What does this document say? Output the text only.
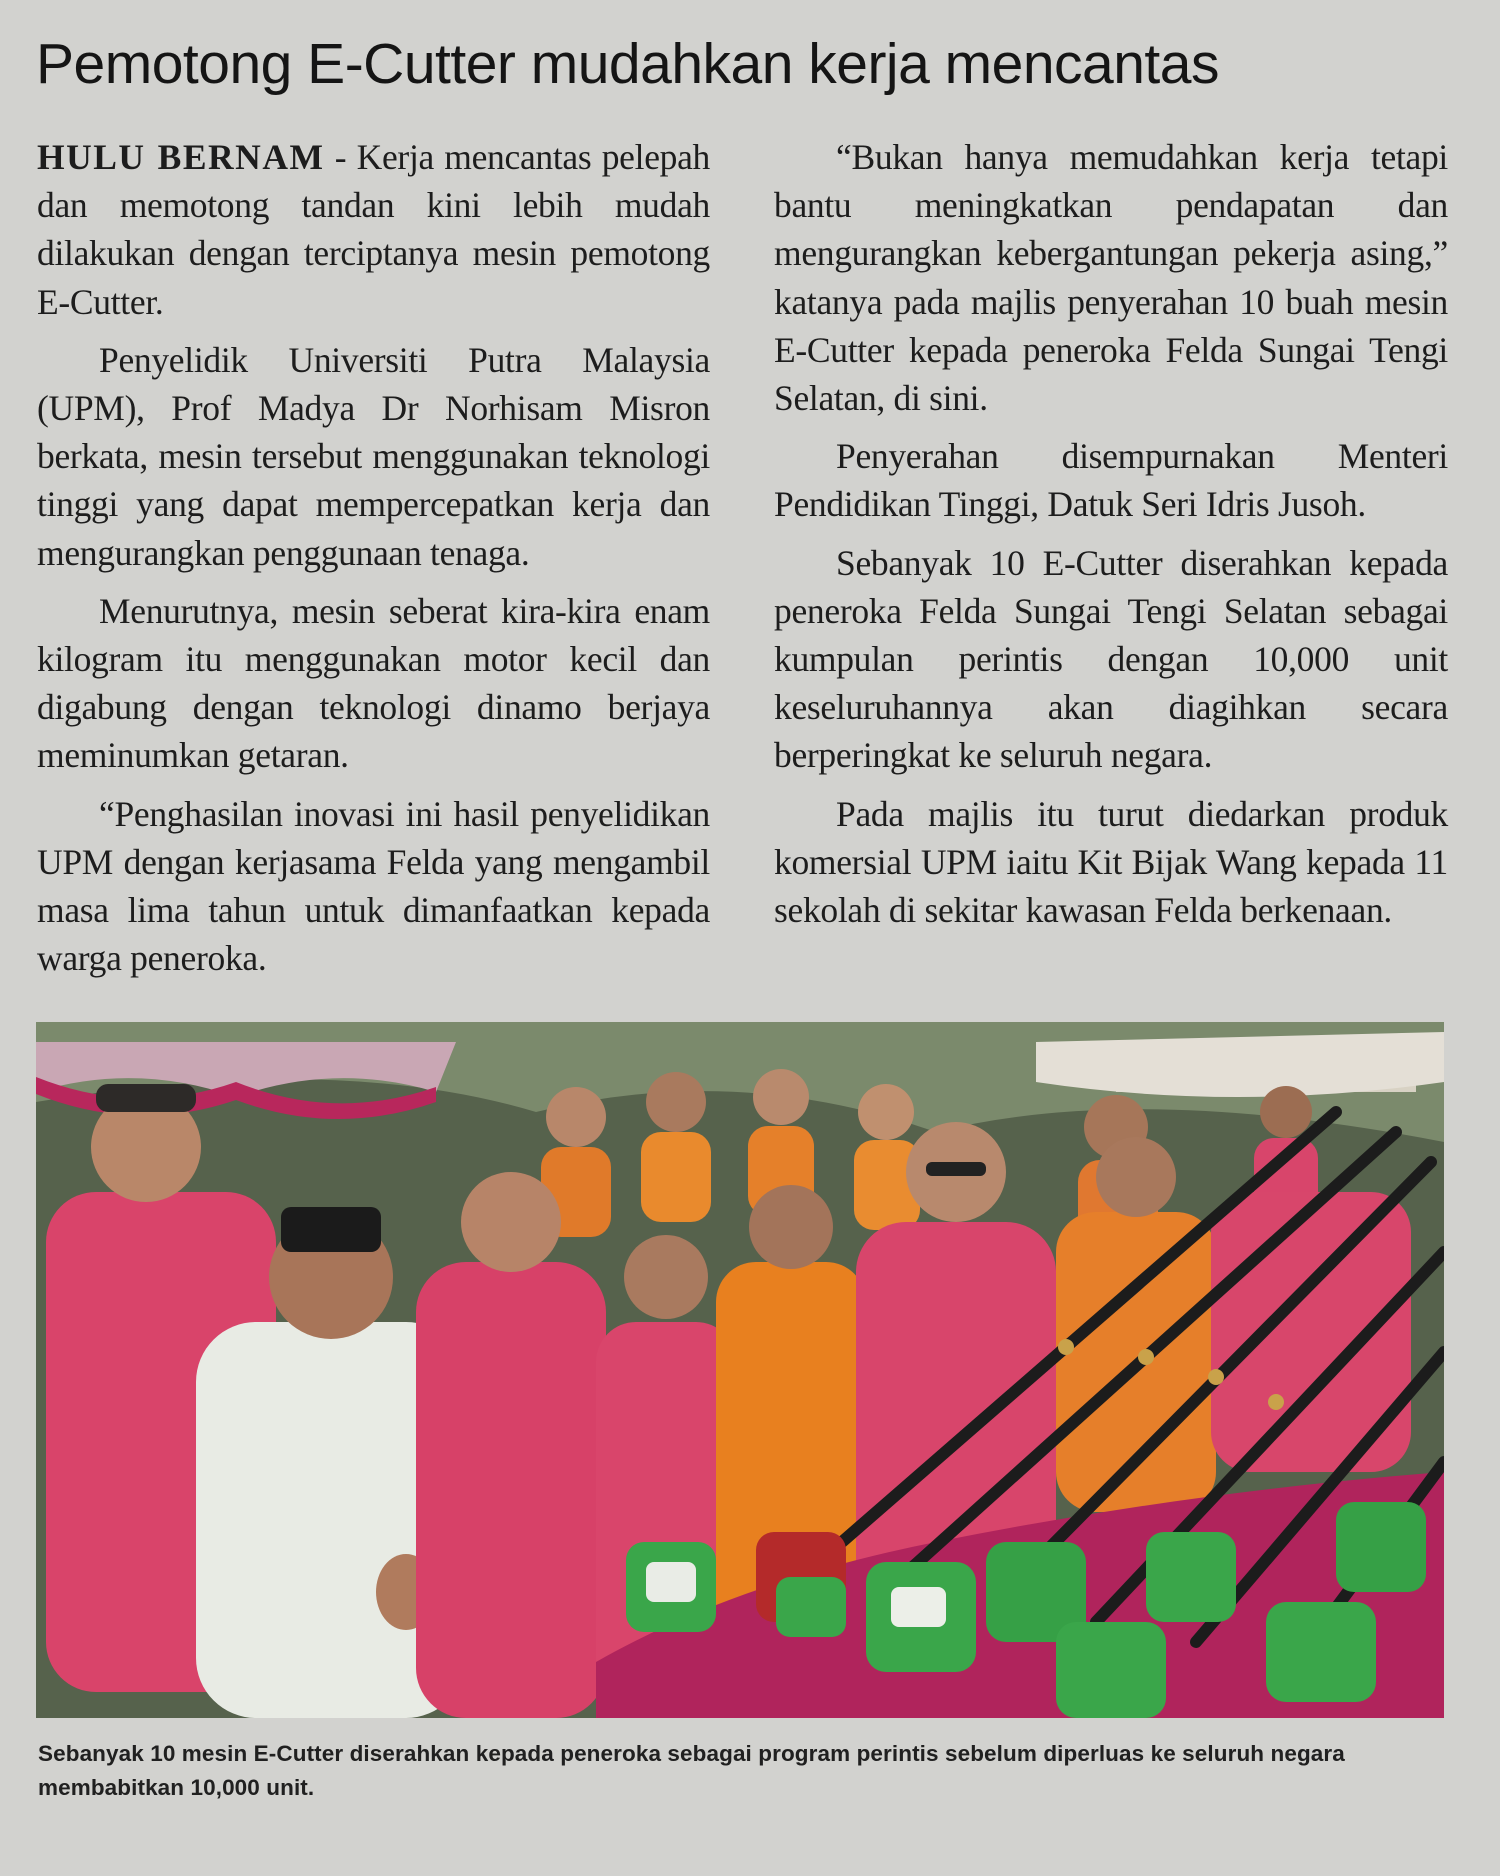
Pemotong E-Cutter mudahkan kerja mencantas

HULU BERNAM - Kerja mencantas pelepah dan memotong tandan kini lebih mudah dilakukan dengan terciptanya mesin pemotong E-Cutter.

Penyelidik Universiti Putra Malaysia (UPM), Prof Madya Dr Norhisam Misron berkata, mesin tersebut menggunakan teknologi tinggi yang dapat mempercepatkan kerja dan mengurangkan penggunaan tenaga.

Menurutnya, mesin seberat kira-kira enam kilogram itu menggunakan motor kecil dan digabung dengan teknologi dinamo berjaya meminumkan getaran.

“Penghasilan inovasi ini hasil penyelidikan UPM dengan kerjasama Felda yang mengambil masa lima tahun untuk dimanfaatkan kepada warga peneroka.

“Bukan hanya memudahkan kerja tetapi bantu meningkatkan pendapatan dan mengurangkan kebergantungan pekerja asing,” katanya pada majlis penyerahan 10 buah mesin E-Cutter kepada peneroka Felda Sungai Tengi Selatan, di sini.

Penyerahan disempurnakan Menteri Pendidikan Tinggi, Datuk Seri Idris Jusoh.

Sebanyak 10 E-Cutter diserahkan kepada peneroka Felda Sungai Tengi Selatan sebagai kumpulan perintis dengan 10,000 unit keseluruhannya akan diagihkan secara berperingkat ke seluruh negara.

Pada majlis itu turut diedarkan produk komersial UPM iaitu Kit Bijak Wang kepada 11 sekolah di sekitar kawasan Felda berkenaan.

Sebanyak 10 mesin E-Cutter diserahkan kepada peneroka sebagai program perintis sebelum diperluas ke seluruh negara membabitkan 10,000 unit.
